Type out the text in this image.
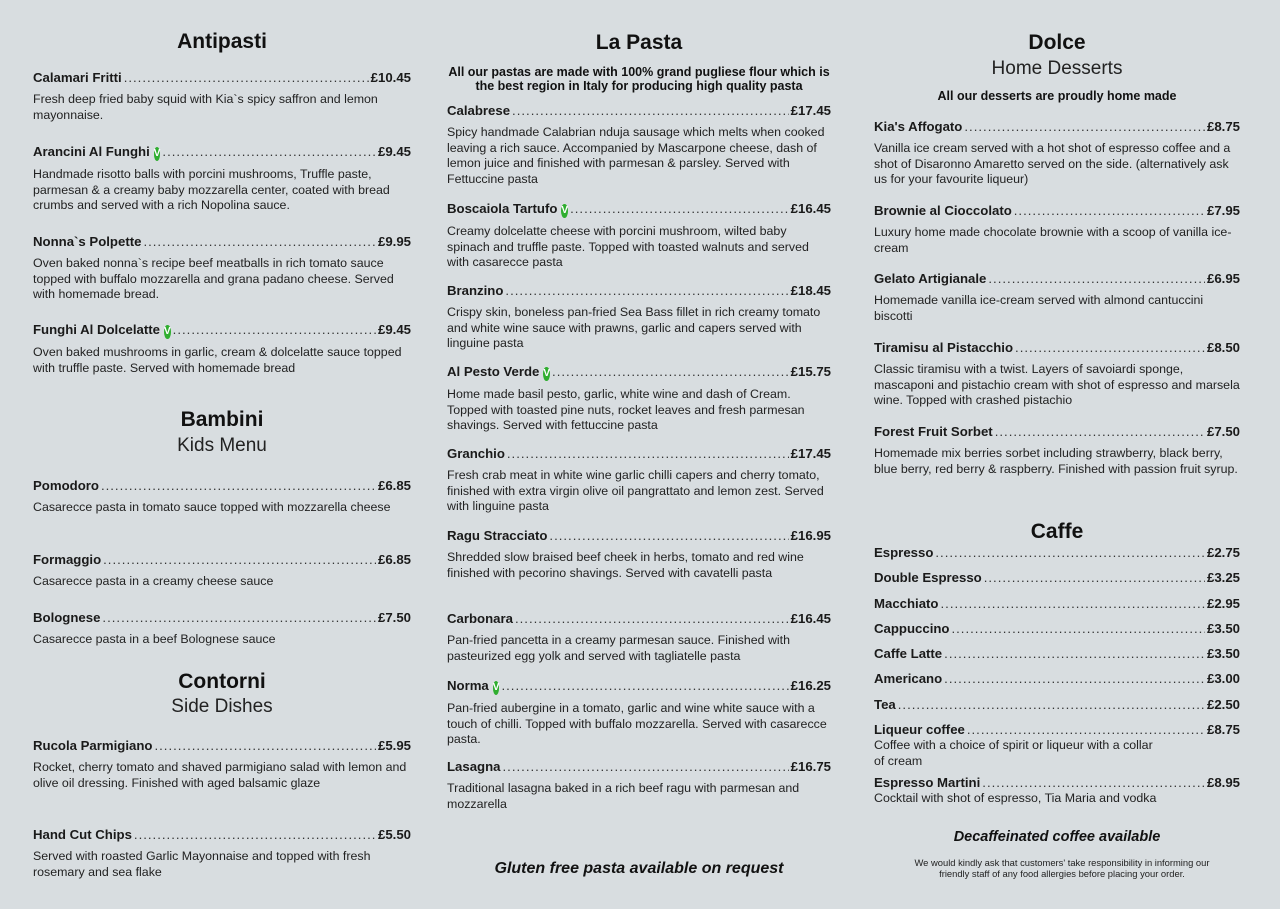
Antipasti
Calamari Fritti .....	£10.45
Fresh deep fried baby squid with Kia`s spicy saffron and lemon mayonnaise.
Arancini Al Funghi V .....	£9.45
Handmade risotto balls with porcini mushrooms, Truffle paste, parmesan & a creamy baby mozzarella center, coated with bread crumbs and served with a rich Nopolina sauce.
Nonna`s Polpette .....	£9.95
Oven baked nonna`s recipe beef meatballs in rich tomato sauce topped with buffalo mozzarella and grana padano cheese. Served with homemade bread.
Funghi Al Dolcelatte V .....	£9.45
Oven baked mushrooms in garlic, cream & dolcelatte sauce topped with truffle paste. Served with homemade bread
Bambini
Kids Menu
Pomodoro .....	£6.85
Casarecce pasta in tomato sauce topped with mozzarella cheese
Formaggio .....	£6.85
Casarecce pasta in a creamy cheese sauce
Bolognese .....	£7.50
Casarecce pasta in a beef Bolognese sauce
Contorni
Side Dishes
Rucola Parmigiano .....	£5.95
Rocket, cherry tomato and shaved parmigiano salad with lemon and olive oil dressing. Finished with aged balsamic glaze
Hand Cut Chips .....	£5.50
Served with roasted Garlic Mayonnaise and topped with fresh rosemary and sea flake
La Pasta
All our pastas are made with 100% grand pugliese flour which is the best region in Italy for producing high quality pasta
Calabrese .....	£17.45
Spicy handmade Calabrian nduja sausage which melts when cooked leaving a rich sauce. Accompanied by Mascarpone cheese, dash of lemon juice and finished with parmesan & parsley. Served with Fettuccine pasta
Boscaiola Tartufo V .....	£16.45
Creamy dolcelatte cheese with porcini mushroom, wilted baby spinach and truffle paste. Topped with toasted walnuts and served with casarecce pasta
Branzino .....	£18.45
Crispy skin, boneless pan-fried Sea Bass fillet in rich creamy tomato and white wine sauce with prawns, garlic and capers served with linguine pasta
Al Pesto Verde V .....	£15.75
Home made basil pesto, garlic, white wine and dash of Cream. Topped with toasted pine nuts, rocket leaves and fresh parmesan shavings. Served with fettuccine pasta
Granchio .....	£17.45
Fresh crab meat in white wine garlic chilli capers and cherry tomato, finished with extra virgin olive oil pangrattato and lemon zest. Served with linguine pasta
Ragu Stracciato .....	£16.95
Shredded slow braised beef cheek in herbs, tomato and red wine finished with pecorino shavings. Served with cavatelli pasta
Carbonara .....	£16.45
Pan-fried pancetta in a creamy parmesan sauce. Finished with pasteurized egg yolk and served with tagliatelle pasta
Norma V .....	£16.25
Pan-fried aubergine in a tomato, garlic and wine white sauce with a touch of chilli. Topped with buffalo mozzarella. Served with casarecce pasta.
Lasagna .....	£16.75
Traditional lasagna baked in a rich beef ragu with parmesan and mozzarella
Gluten free pasta available on request
Dolce
Home Desserts
All our desserts are proudly home made
Kia's Affogato .....	£8.75
Vanilla ice cream served with a hot shot of espresso coffee and a shot of Disaronno Amaretto served on the side. (alternatively ask us for your favourite liqueur)
Brownie al Cioccolato .....	£7.95
Luxury home made chocolate brownie with a scoop of vanilla ice-cream
Gelato Artigianale .....	£6.95
Homemade vanilla ice-cream served with almond cantuccini biscotti
Tiramisu al Pistacchio .....	£8.50
Classic tiramisu with a twist. Layers of savoiardi sponge, mascaponi and pistachio cream with shot of espresso and marsela wine. Topped with crashed pistachio
Forest Fruit Sorbet .....	£7.50
Homemade mix berries sorbet including strawberry, black berry, blue berry, red berry & raspberry. Finished with passion fruit syrup.
Caffe
Espresso .....	£2.75
Double Espresso .....	£3.25
Macchiato .....	£2.95
Cappuccino .....	£3.50
Caffe Latte .....	£3.50
Americano .....	£3.00
Tea .....	£2.50
Liqueur coffee .....	£8.75
Coffee with a choice of spirit or liqueur with a collar of cream
Espresso Martini .....	£8.95
Cocktail with shot of espresso, Tia Maria and vodka
Decaffeinated coffee available
We would kindly ask that customers' take responsibility in informing our friendly staff of any food allergies before placing your order.
